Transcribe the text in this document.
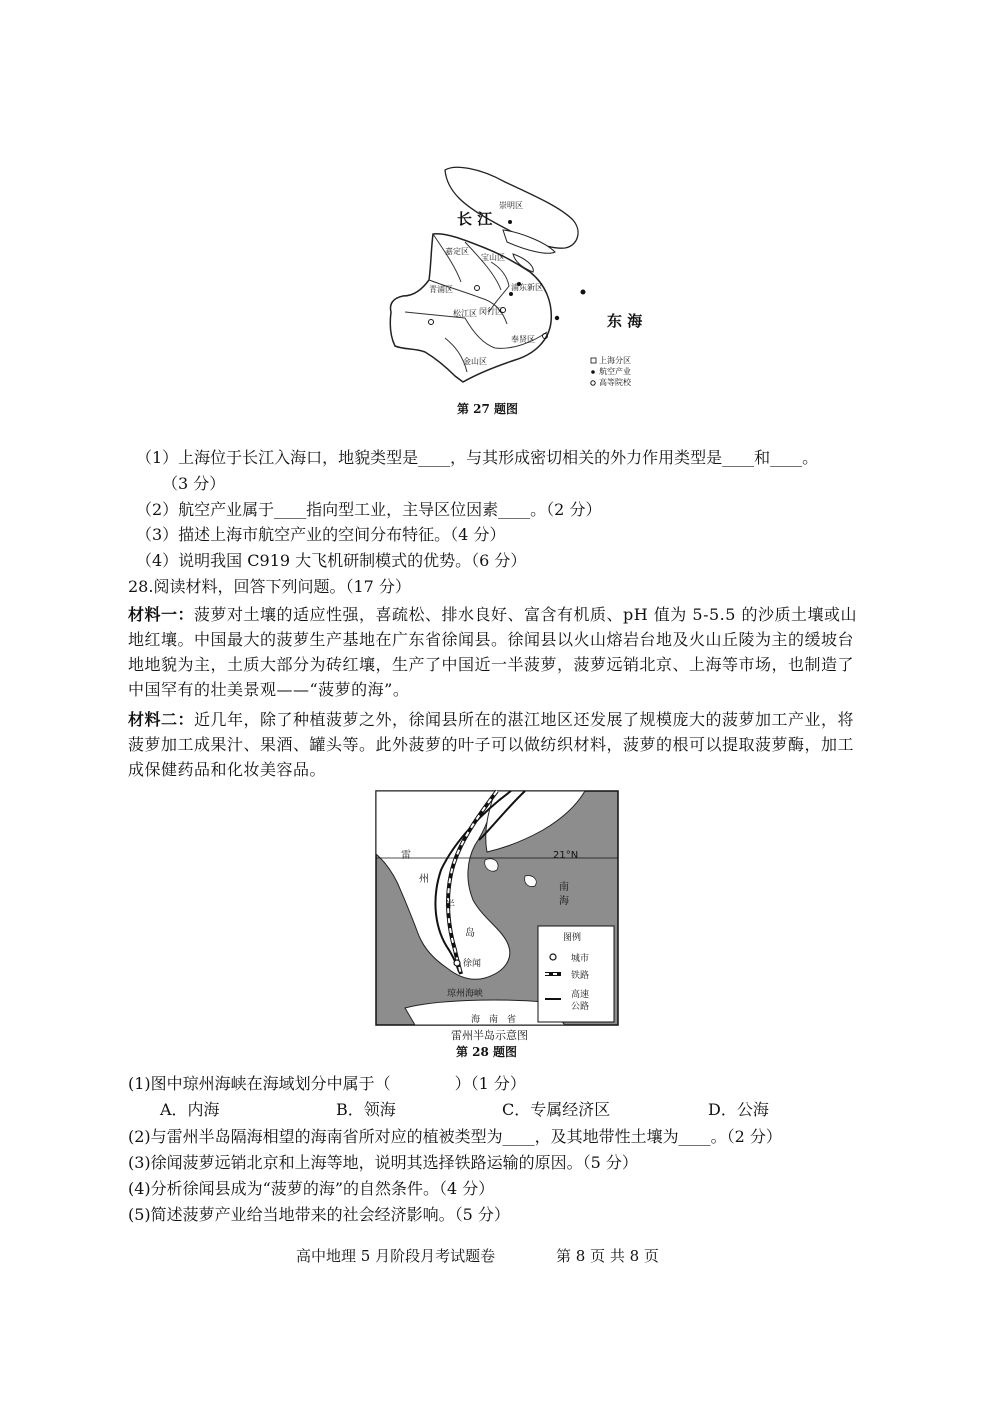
长 江
东 海
崇明区
嘉定区
宝山区
青浦区	浦东新区
松江区 闵行区
奉贤区
金山区	上海分区
航空产业
高等院校
第 27 题图
（1）上海位于长江入海口，地貌类型是____，与其形成密切相关的外力作用类型是____和____。
（3 分）
（2）航空产业属于____指向型工业，主导区位因素____。（2 分）
（3）描述上海市航空产业的空间分布特征。（4 分）
（4）说明我国 C919 大飞机研制模式的优势。（6 分）
28.阅读材料，回答下列问题。（17 分）
材料一：菠萝对土壤的适应性强，喜疏松、排水良好、富含有机质、pH 值为 5-5.5 的沙质土壤或山地红壤。中国最大的菠萝生产基地在广东省徐闻县。徐闻县以火山熔岩台地及火山丘陵为主的缓坡台地地貌为主，土质大部分为砖红壤，生产了中国近一半菠萝，菠萝远销北京、上海等市场，也制造了中国罕有的壮美景观——“菠萝的海”。
材料二：近几年，除了种植菠萝之外，徐闻县所在的湛江地区还发展了规模庞大的菠萝加工产业，将菠萝加工成果汁、果酒、罐头等。此外菠萝的叶子可以做纺织材料，菠萝的根可以提取菠萝酶，加工成保健药品和化妆美容品。
21°N
雷
州
半
岛
南
海
徐闻
琼州海峡
海　南　省
图例
城市
铁路
高速
公路
雷州半岛示意图
第 28 题图
(1)图中琼州海峡在海域划分中属于（　　　　）（1 分）
A．内海	B．领海	C．专属经济区	D．公海
(2)与雷州半岛隔海相望的海南省所对应的植被类型为____，及其地带性土壤为____。（2 分）
(3)徐闻菠萝远销北京和上海等地，说明其选择铁路运输的原因。（5 分）
(4)分析徐闻县成为“菠萝的海”的自然条件。（4 分）
(5)简述菠萝产业给当地带来的社会经济影响。（5 分）
高中地理 5 月阶段月考试题卷	第 8 页 共 8 页
